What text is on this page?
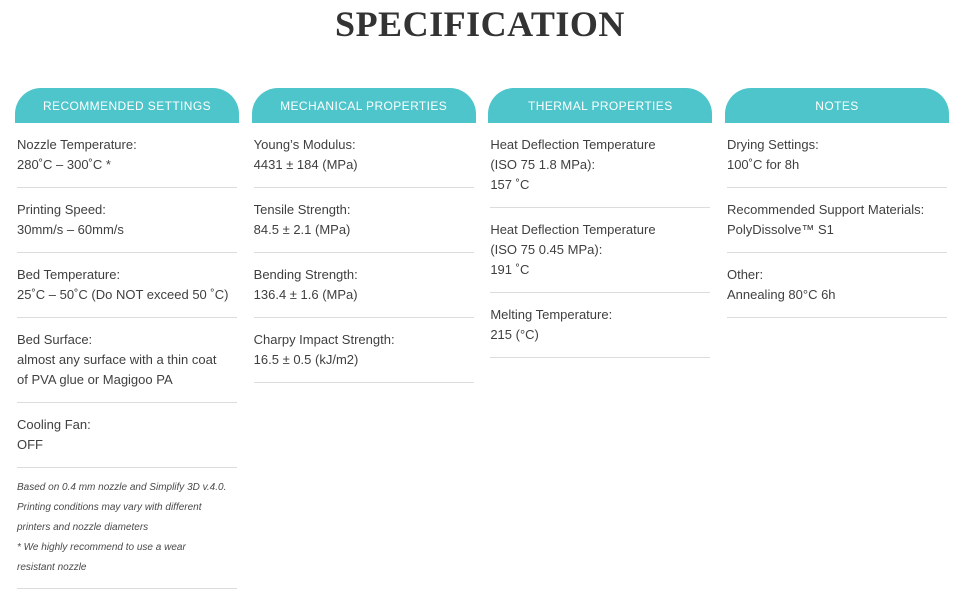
SPECIFICATION
RECOMMENDED SETTINGS
Nozzle Temperature:
280˚C – 300˚C *
Printing Speed:
30mm/s – 60mm/s
Bed Temperature:
25˚C – 50˚C (Do NOT exceed 50 ˚C)
Bed Surface:
almost any surface with a thin coat
of PVA glue or Magigoo PA
Cooling Fan:
OFF
Based on 0.4 mm nozzle and Simplify 3D v.4.0.
Printing conditions may vary with different
printers and nozzle diameters
* We highly recommend to use a wear
resistant nozzle
MECHANICAL PROPERTIES
Young’s Modulus:
4431 ± 184 (MPa)
Tensile Strength:
84.5 ± 2.1 (MPa)
Bending Strength:
136.4 ± 1.6 (MPa)
Charpy Impact Strength:
16.5 ± 0.5 (kJ/m2)
THERMAL PROPERTIES
Heat Deflection Temperature
(ISO 75 1.8 MPa):
157 ˚C
Heat Deflection Temperature
(ISO 75 0.45 MPa):
191 ˚C
Melting Temperature:
215 (°C)
NOTES
Drying Settings:
100˚C for 8h
Recommended Support Materials:
PolyDissolve™ S1
Other:
Annealing 80°C 6h
